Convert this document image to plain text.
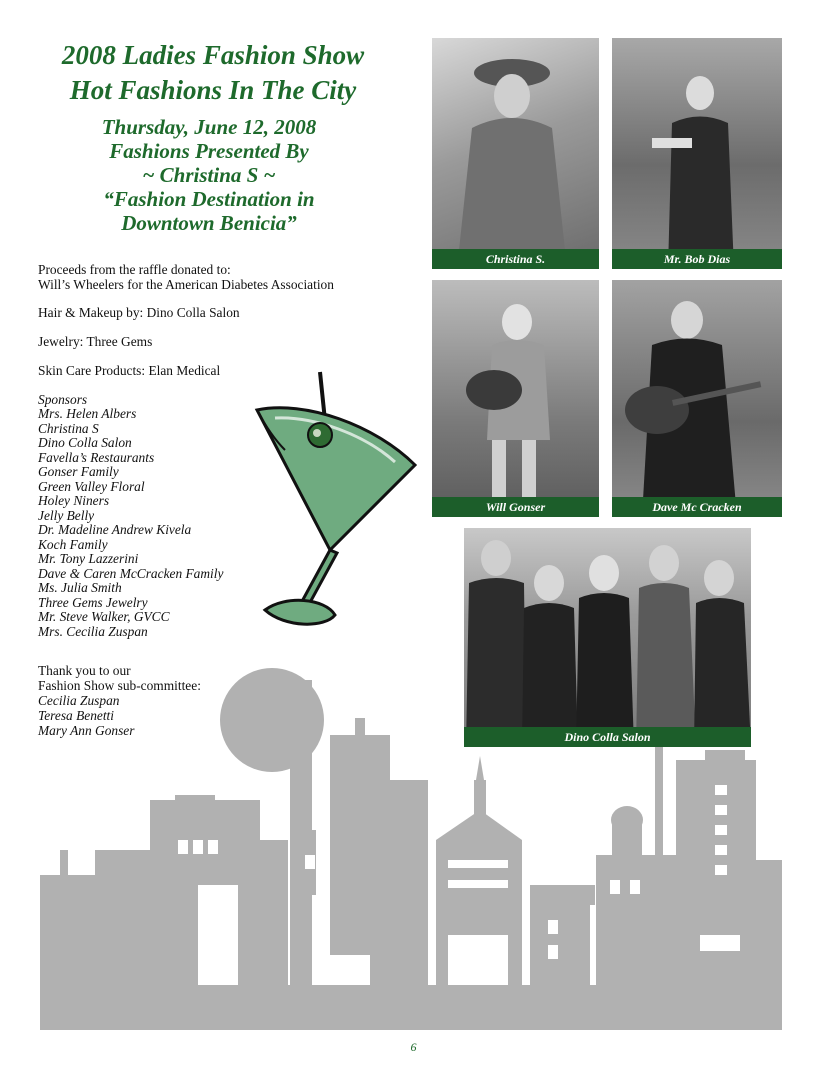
2008 Ladies Fashion Show
Hot Fashions In The City
Thursday, June 12, 2008
Fashions Presented By
~ Christina S ~
“Fashion Destination in
Downtown Benicia”
Proceeds from the raffle donated to:
Will’s Wheelers for the American Diabetes Association
Hair & Makeup by: Dino Colla Salon
Jewelry: Three Gems
Skin Care Products: Elan Medical
Sponsors
Mrs. Helen Albers
Christina S
Dino Colla Salon
Favella’s Restaurants
Gonser Family
Green Valley Floral
Holey Niners
Jelly Belly
Dr. Madeline Andrew Kivela
Koch Family
Mr. Tony Lazzerini
Dave & Caren McCracken Family
Ms. Julia Smith
Three Gems Jewelry
Mr. Steve Walker, GVCC
Mrs. Cecilia Zuspan
Thank you to our
Fashion Show sub-committee:
Cecilia Zuspan
Teresa Benetti
Mary Ann Gonser
Christina S.	Mr. Bob Dias
Will Gonser	Dave Mc Cracken
Dino Colla Salon
6
